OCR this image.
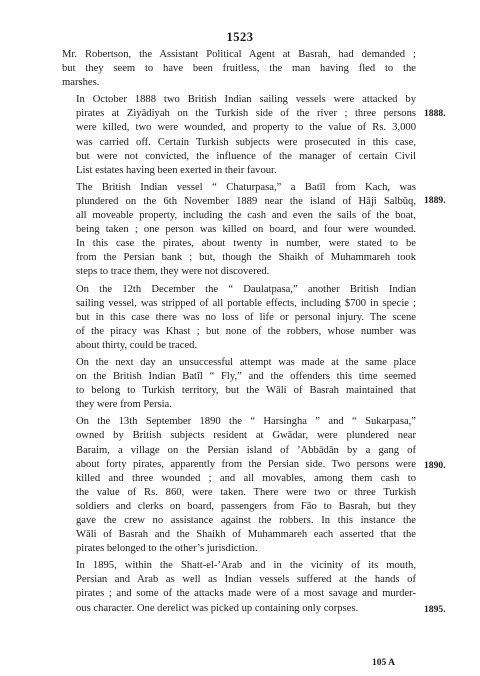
1523
Mr. Robertson, the Assistant Political Agent at Basrah, had demanded ;
but they seem to have been fruitless, the man having fled to the
marshes.
In October 1888 two British Indian sailing vessels were attacked by
pirates at Ziyādiyah on the Turkish side of the river ; three persons
were killed, two were wounded, and property to the value of Rs. 3,000
was carried off. Certain Turkish subjects were prosecuted in this case,
but were not convicted, the influence of the manager of certain Civil
List estates having been exerted in their favour.
The British Indian vessel “ Chaturpasa,” a Batīl from Kach, was
plundered on the 6th November 1889 near the island of Hāji Salbūq,
all moveable property, including the cash and even the sails of the boat,
being taken ; one person was killed on board, and four were wounded.
In this case the pirates, about twenty in number, were stated to be
from the Persian bank ; but, though the Shaikh of Muhammareh took
steps to trace them, they were not discovered.
On the 12th December the “ Daulatpasa,” another British Indian
sailing vessel, was stripped of all portable effects, including $700 in specie ;
but in this case there was no loss of life or personal injury. The scene
of the piracy was Khast ; but none of the robbers, whose number was
about thirty, could be traced.
On the next day an unsuccessful attempt was made at the same place
on the British Indian Batīl “ Fly,” and the offenders this time seemed
to belong to Turkish territory, but the Wāli of Basrah maintained that
they were from Persia.
On the 13th September 1890 the “ Harsingha ” and “ Sukarpasa,”
owned by British subjects resident at Gwādar, were plundered near
Baraim, a village on the Persian island of ’Abbādān by a gang of
about forty pirates, apparently from the Persian side. Two persons were
killed and three wounded ; and all movables, among them cash to
the value of Rs. 860, were taken. There were two or three Turkish
soldiers and clerks on board, passengers from Fāo to Basrah, but they
gave the crew no assistance against the robbers. In this instance the
Wāli of Basrah and the Shaikh of Muhammareh each asserted that the
pirates belonged to the other’s jurisdiction.
In 1895, within the Shatt-el-’Arab and in the vicinity of its mouth,
Persian and Arab as well as Indian vessels suffered at the hands of
pirates ; and some of the attacks made were of a most savage and murder-
ous character. One derelict was picked up containing only corpses.
1888.
1889.
1890.
1895.
105 A
